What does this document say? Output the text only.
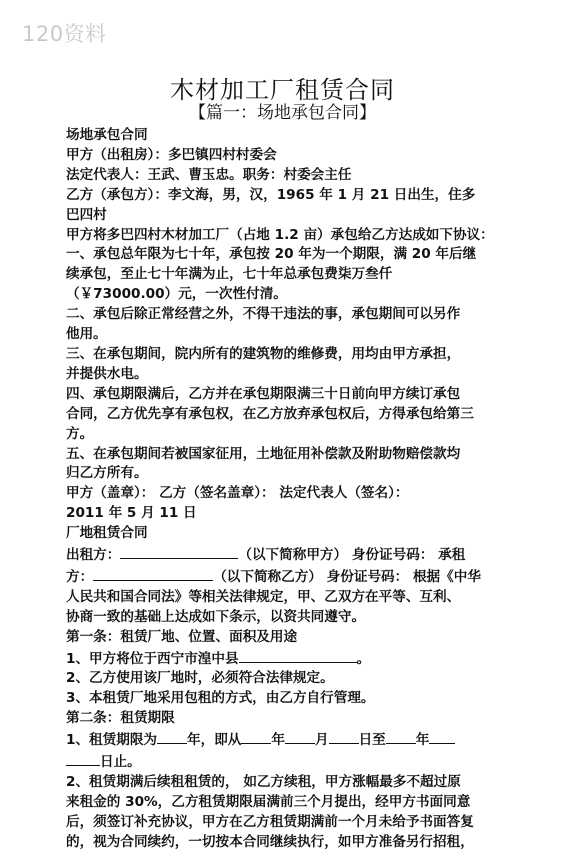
120资料
木材加工厂租赁合同
【篇一：场地承包合同】
场地承包合同
甲方（出租房）：多巴镇四村村委会
法定代表人：王武、曹玉忠。职务：村委会主任
乙方（承包方）：李文海，男，汉，1965 年 1 月 21 日出生，住多
巴四村
甲方将多巴四村木材加工厂（占地 1.2 亩）承包给乙方达成如下协议：
一、承包总年限为七十年，承包按 20 年为一个期限，满 20 年后继
续承包，至止七十年满为止，七十年总承包费柒万叁仟
（￥73000.00）元，一次性付清。
二、承包后除正常经营之外，不得干违法的事，承包期间可以另作
他用。
三、在承包期间，院内所有的建筑物的维修费，用均由甲方承担，
并提供水电。
四、承包期限满后，乙方并在承包期限满三十日前向甲方续订承包
合同，乙方优先享有承包权，在乙方放弃承包权后，方得承包给第三
方。
五、在承包期间若被国家征用，土地征用补偿款及附助物赔偿款均
归乙方所有。
甲方（盖章）： 乙方（签名盖章）： 法定代表人（签名）：
2011 年 5 月 11 日
厂地租赁合同
出租方：	（以下简称甲方） 身份证号码： 承租
方：	（以下简称乙方） 身份证号码： 根据《中华
人民共和国合同法》等相关法律规定，甲、乙双方在平等、互利、
协商一致的基础上达成如下条示，以资共同遵守。
第一条：租赁厂地、位置、面积及用途
1、甲方将位于西宁市湟中县	。
2、乙方使用该厂地时，必须符合法律规定。
3、本租赁厂地采用包租的方式，由乙方自行管理。
第二条：租赁期限
1、租赁期限为 年，即从 年 月 日至 年
日止。
2、租赁期满后续租租赁的， 如乙方续租，甲方涨幅最多不超过原
来租金的 30%，乙方租赁期限届满前三个月提出，经甲方书面同意
后，须签订补充协议，甲方在乙方租赁期满前一个月未给予书面答复
的，视为合同续约，一切按本合同继续执行，如甲方准备另行招租，
